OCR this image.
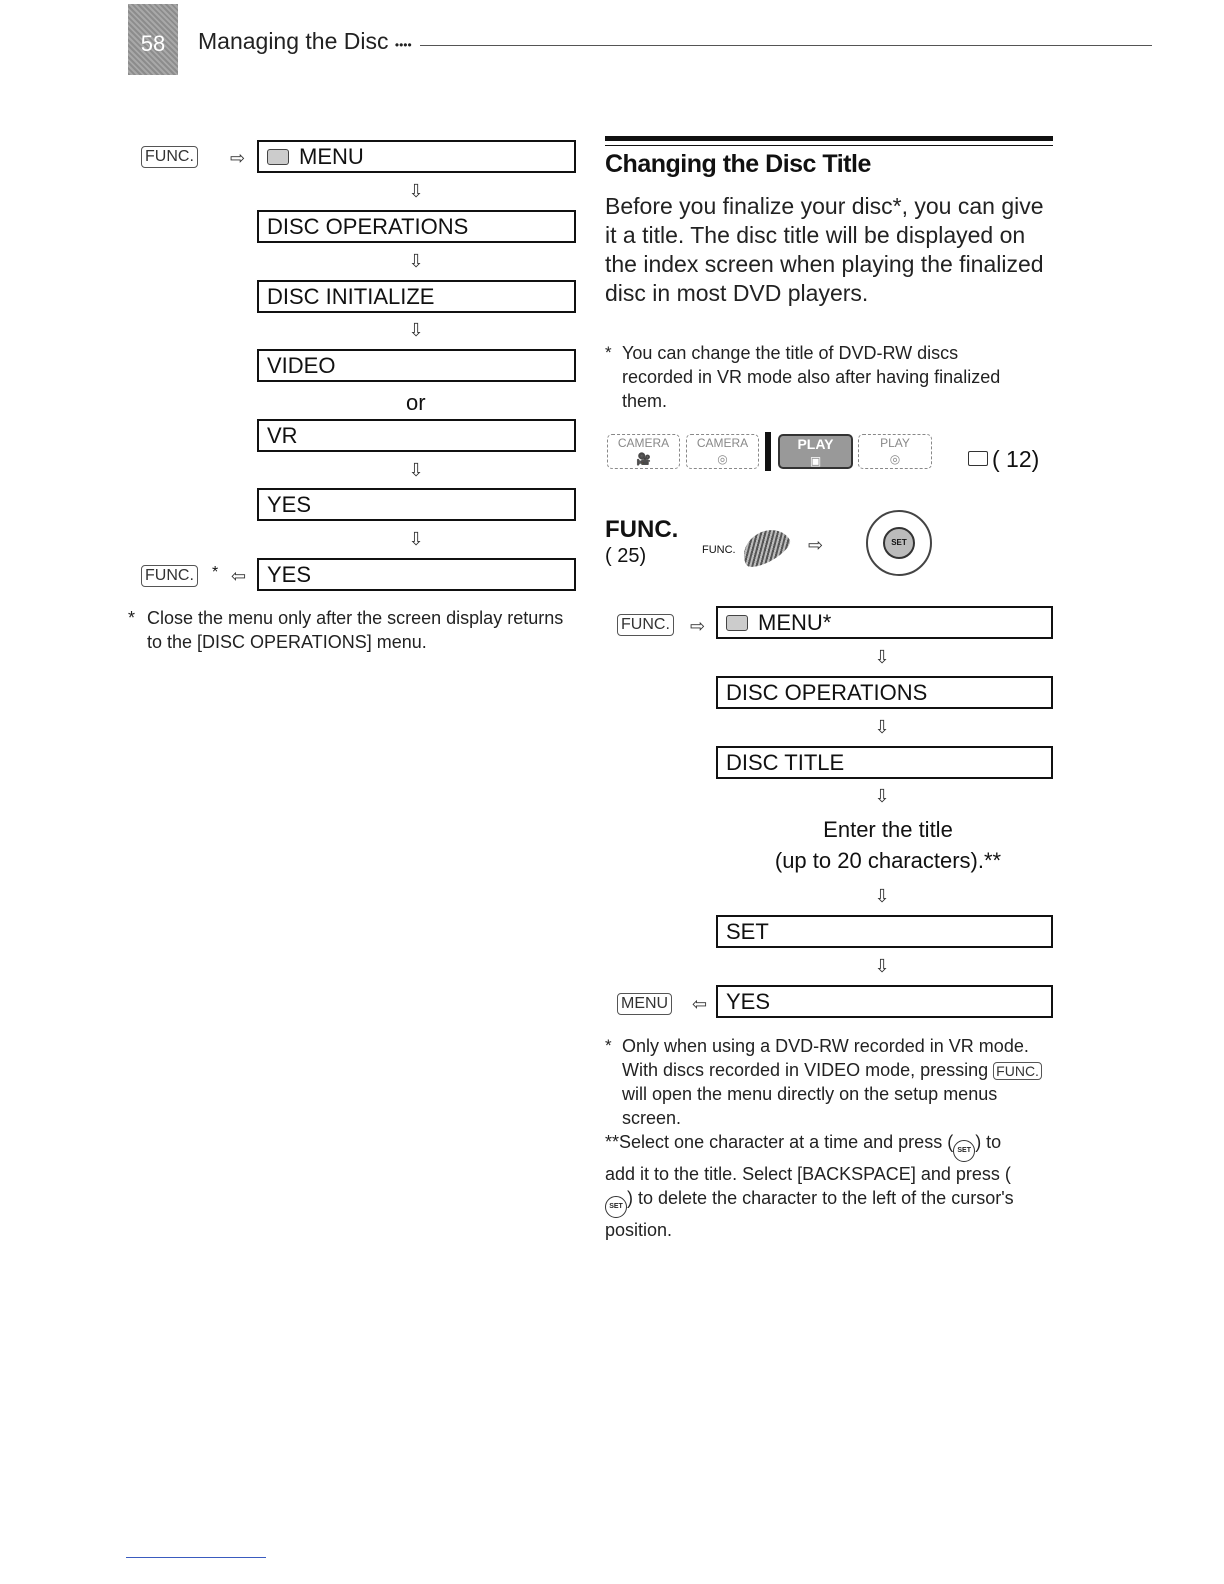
58	Managing the Disc ••••
FUNC. ⇨	MENU
⇩
DISC OPERATIONS
⇩
DISC INITIALIZE
⇩
VIDEO
or
VR
⇩
YES
⇩
FUNC. * ⇦ YES
* Close the menu only after the screen display returns to the [DISC OPERATIONS] menu.
Changing the Disc Title
Before you finalize your disc*, you can give it a title. The disc title will be displayed on the index screen when playing the finalized disc in most DVD players.
* You can change the title of DVD-RW discs recorded in VR mode also after having finalized them.
CAMERA
🎥
CAMERA
◎
PLAY
▣
PLAY
◎	( 12)
FUNC.
( 25)	FUNC.	⇨	SET
FUNC. ⇨	MENU*
⇩
DISC OPERATIONS
⇩
DISC TITLE
⇩
Enter the title
(up to 20 characters).**
⇩
SET
⇩
MENU ⇦ YES
* Only when using a DVD-RW recorded in VR mode. With discs recorded in VIDEO mode, pressing FUNC. will open the menu directly on the setup menus screen.
**Select one character at a time and press ( SET ) to add it to the title. Select [BACKSPACE] and press (SET ) to delete the character to the left of the cursor's position.
